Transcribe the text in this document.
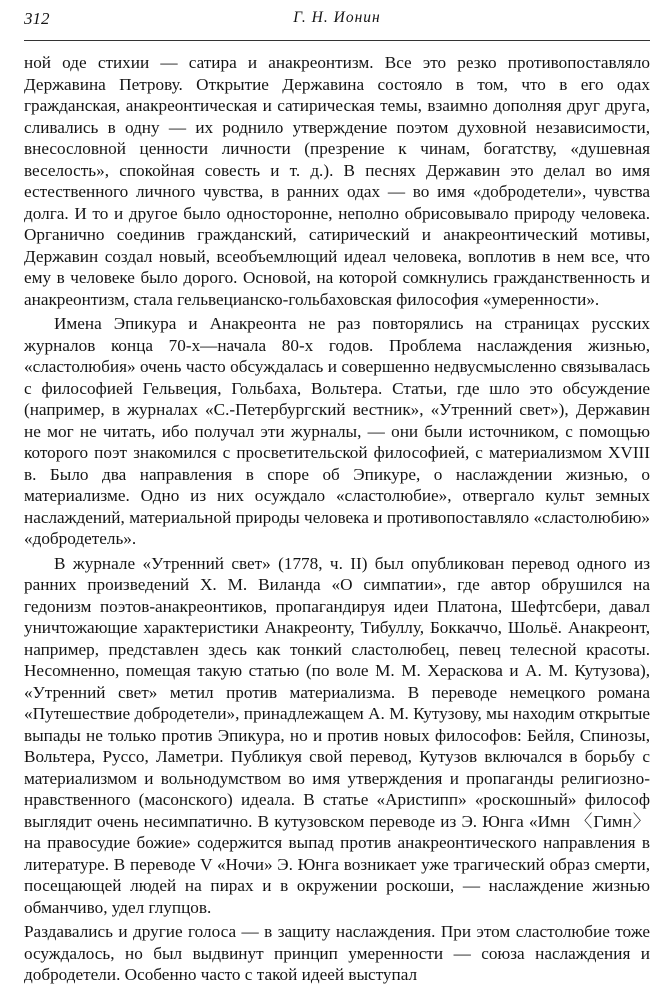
312	Г. Н. Ионин

ной оде стихии — сатира и анакреонтизм. Все это резко противопоставляло Державина Петрову. Открытие Державина состояло в том, что в его одах гражданская, анакреонтическая и сатирическая темы, взаимно дополняя друг друга, сливались в одну — их роднило утверждение поэтом духовной независимости, внесословной ценности личности (презрение к чинам, богатству, «душевная веселость», спокойная совесть и т. д.). В песнях Державин это делал во имя естественного личного чувства, в ранних одах — во имя «добродетели», чувства долга. И то и другое было односторонне, неполно обрисовывало природу человека. Органично соединив гражданский, сатирический и анакреонтический мотивы, Державин создал новый, всеобъемлющий идеал человека, воплотив в нем все, что ему в человеке было дорого. Основой, на которой сомкнулись гражданственность и анакреонтизм, стала гельвецианско-гольбаховская философия «умеренности».

Имена Эпикура и Анакреонта не раз повторялись на страницах русских журналов конца 70-х—начала 80-х годов. Проблема наслаждения жизнью, «сластолюбия» очень часто обсуждалась и совершенно недвусмысленно связывалась с философией Гельвеция, Гольбаха, Вольтера. Статьи, где шло это обсуждение (например, в журналах «С.-Петербургский вестник», «Утренний свет»), Державин не мог не читать, ибо получал эти журналы, — они были источником, с помощью которого поэт знакомился с просветительской философией, с материализмом XVIII в. Было два направления в споре об Эпикуре, о наслаждении жизнью, о материализме. Одно из них осуждало «сластолюбие», отвергало культ земных наслаждений, материальной природы человека и противопоставляло «сластолюбию» «добродетель».

В журнале «Утренний свет» (1778, ч. II) был опубликован перевод одного из ранних произведений Х. М. Виланда «О симпатии», где автор обрушился на гедонизм поэтов-анакреонтиков, пропагандируя идеи Платона, Шефтсбери, давал уничтожающие характеристики Анакреонту, Тибуллу, Боккаччо, Шольё. Анакреонт, например, представлен здесь как тонкий сластолюбец, певец телесной красоты. Несомненно, помещая такую статью (по воле М. М. Хераскова и А. М. Кутузова), «Утренний свет» метил против материализма. В переводе немецкого романа «Путешествие добродетели», принадлежащем А. М. Кутузову, мы находим открытые выпады не только против Эпикура, но и против новых философов: Бейля, Спинозы, Вольтера, Руссо, Ламетри. Публикуя свой перевод, Кутузов включался в борьбу с материализмом и вольнодумством во имя утверждения и пропаганды религиозно-нравственного (масонского) идеала. В статье «Аристипп» «роскошный» философ выглядит очень несимпатично. В кутузовском переводе из Э. Юнга «Имн 〈Гимн〉 на правосудие божие» содержится выпад против анакреонтического направления в литературе. В переводе V «Ночи» Э. Юнга возникает уже трагический образ смерти, посещающей людей на пирах и в окружении роскоши, — наслаждение жизнью обманчиво, удел глупцов.

Раздавались и другие голоса — в защиту наслаждения. При этом сластолюбие тоже осуждалось, но был выдвинут принцип умеренности — союза наслаждения и добродетели. Особенно часто с такой идеей выступал
